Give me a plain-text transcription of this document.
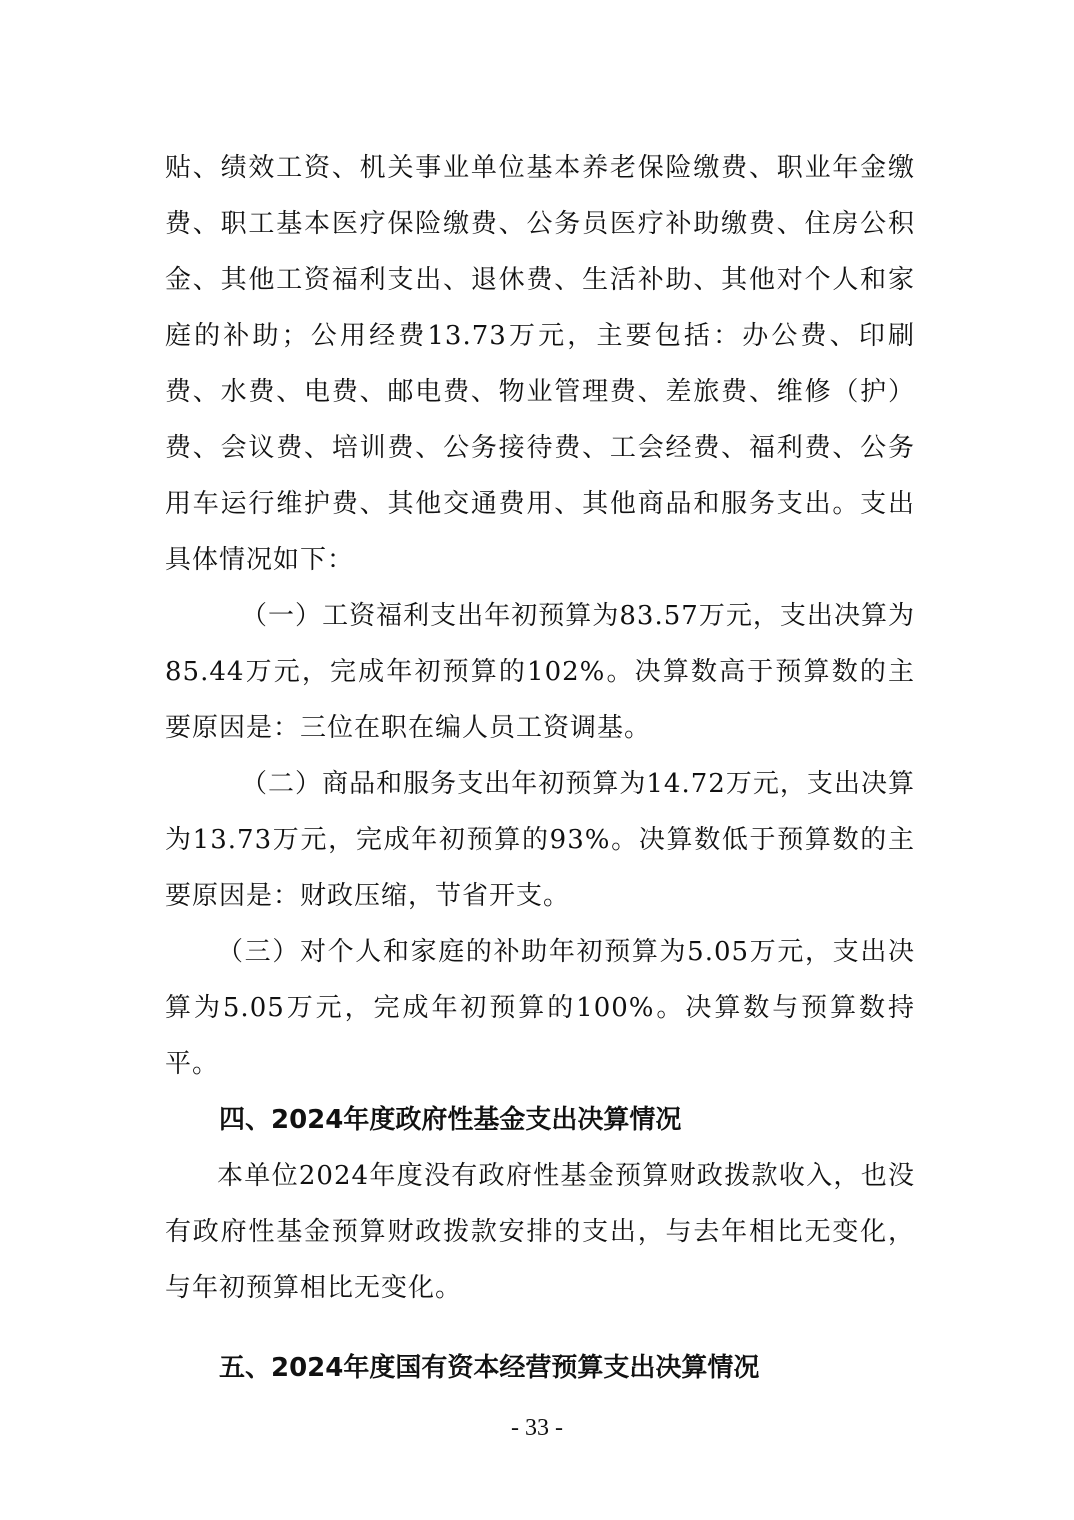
贴、绩效工资、机关事业单位基本养老保险缴费、职业年金缴费、职工基本医疗保险缴费、公务员医疗补助缴费、住房公积金、其他工资福利支出、退休费、生活补助、其他对个人和家庭的补助；公用经费13.73万元，主要包括：办公费、印刷费、水费、电费、邮电费、物业管理费、差旅费、维修（护）费、会议费、培训费、公务接待费、工会经费、福利费、公务用车运行维护费、其他交通费用、其他商品和服务支出。支出具体情况如下：

（一）工资福利支出年初预算为83.57万元，支出决算为85.44万元，完成年初预算的102%。决算数高于预算数的主要原因是：三位在职在编人员工资调基。

（二）商品和服务支出年初预算为14.72万元，支出决算为13.73万元，完成年初预算的93%。决算数低于预算数的主要原因是：财政压缩，节省开支。

（三）对个人和家庭的补助年初预算为5.05万元，支出决算为5.05万元，完成年初预算的100%。决算数与预算数持平。

四、2024年度政府性基金支出决算情况

本单位2024年度没有政府性基金预算财政拨款收入，也没有政府性基金预算财政拨款安排的支出，与去年相比无变化，与年初预算相比无变化。

五、2024年度国有资本经营预算支出决算情况
- 33 -
